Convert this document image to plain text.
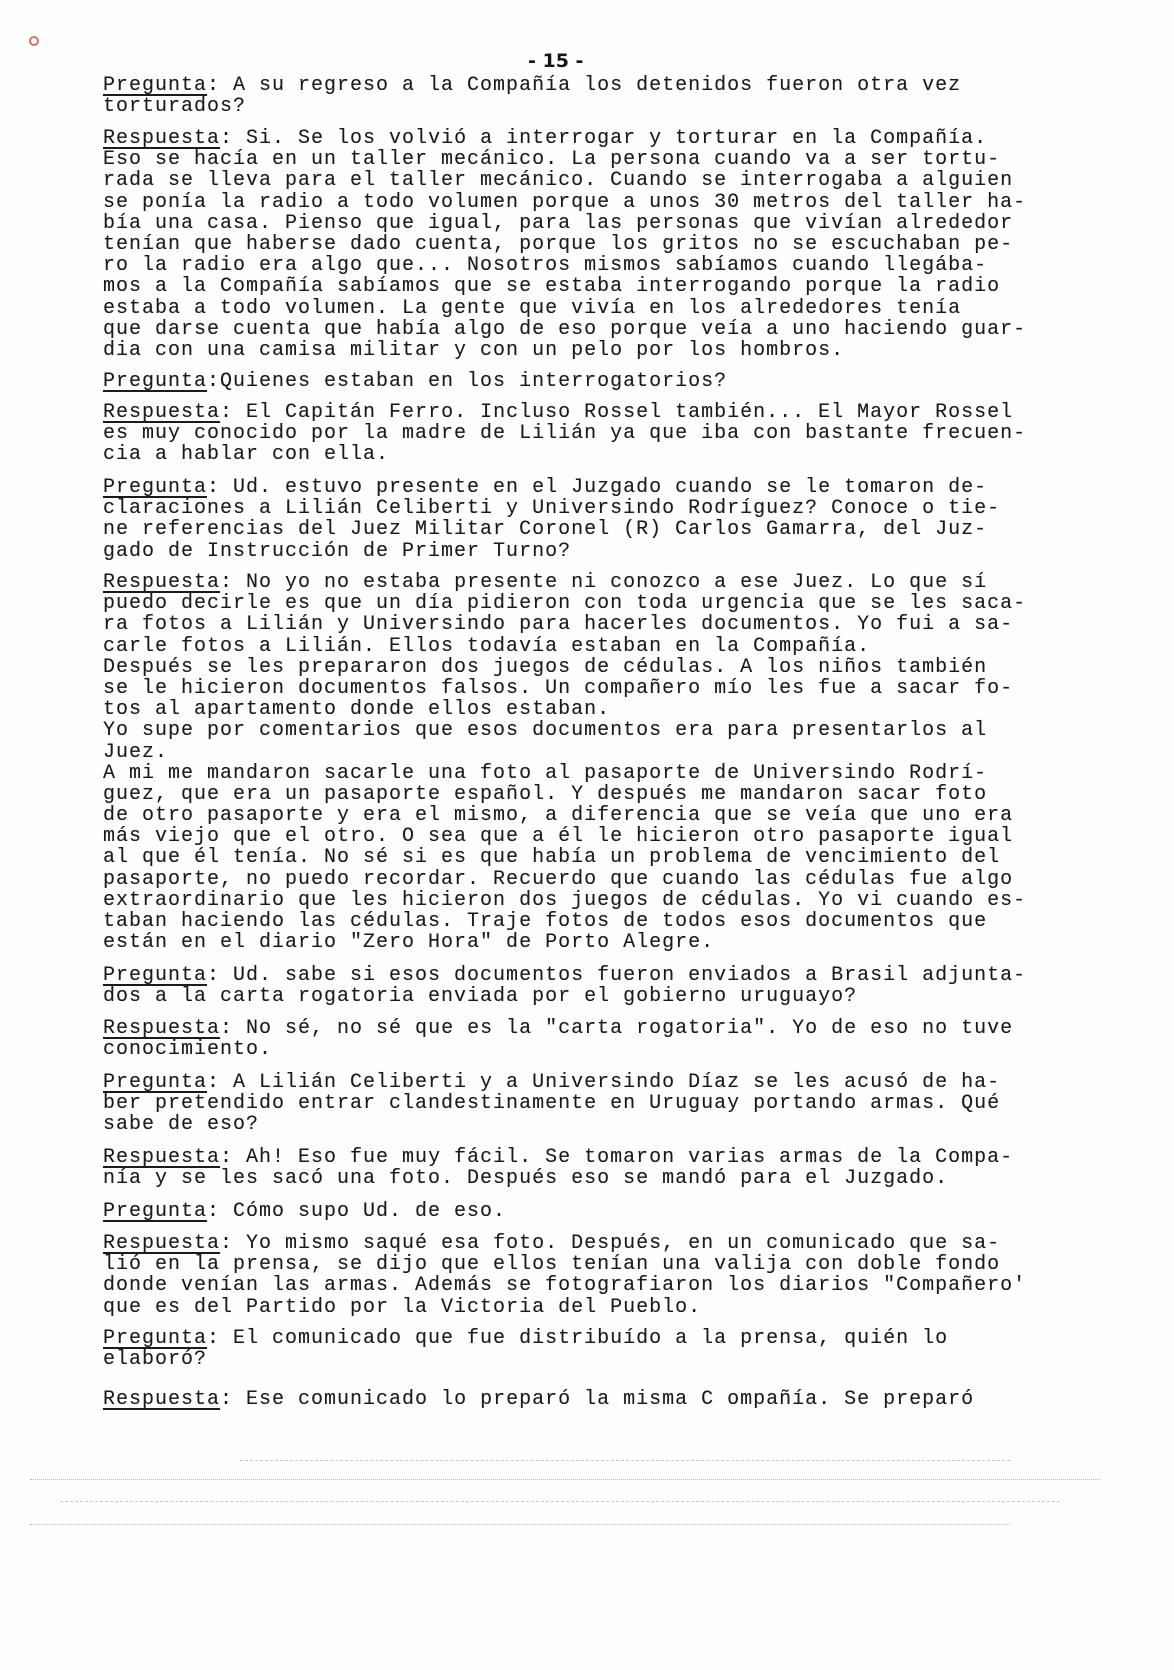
- 15 -
Pregunta: A su regreso a la Compañía los detenidos fueron otra vez
torturados?
Respuesta: Si. Se los volvió a interrogar y torturar en la Compañía.
Eso se hacía en un taller mecánico. La persona cuando va a ser tortu-
rada se lleva para el taller mecánico. Cuando se interrogaba a alguien
se ponía la radio a todo volumen porque a unos 30 metros del taller ha-
bía una casa. Pienso que igual, para las personas que vivían alrededor
tenían que haberse dado cuenta, porque los gritos no se escuchaban pe-
ro la radio era algo que... Nosotros mismos sabíamos cuando llegába-
mos a la Compañía sabíamos que se estaba interrogando porque la radio
estaba a todo volumen. La gente que vivía en los alrededores tenía
que darse cuenta que había algo de eso porque veía a uno haciendo guar-
dia con una camisa militar y con un pelo por los hombros.
Pregunta:Quienes estaban en los interrogatorios?
Respuesta: El Capitán Ferro. Incluso Rossel también... El Mayor Rossel
es muy conocido por la madre de Lilián ya que iba con bastante frecuen-
cia a hablar con ella.
Pregunta: Ud. estuvo presente en el Juzgado cuando se le tomaron de-
claraciones a Lilián Celiberti y Universindo Rodríguez? Conoce o tie-
ne referencias del Juez Militar Coronel (R) Carlos Gamarra, del Juz-
gado de Instrucción de Primer Turno?
Respuesta: No yo no estaba presente ni conozco a ese Juez. Lo que sí
puedo decirle es que un día pidieron con toda urgencia que se les saca-
ra fotos a Lilián y Universindo para hacerles documentos. Yo fui a sa-
carle fotos a Lilián. Ellos todavía estaban en la Compañía.
Después se les prepararon dos juegos de cédulas. A los niños también
se le hicieron documentos falsos. Un compañero mío les fue a sacar fo-
tos al apartamento donde ellos estaban.
Yo supe por comentarios que esos documentos era para presentarlos al
Juez.
A mi me mandaron sacarle una foto al pasaporte de Universindo Rodrí-
guez, que era un pasaporte español. Y después me mandaron sacar foto
de otro pasaporte y era el mismo, a diferencia que se veía que uno era
más viejo que el otro. O sea que a él le hicieron otro pasaporte igual
al que él tenía. No sé si es que había un problema de vencimiento del
pasaporte, no puedo recordar. Recuerdo que cuando las cédulas fue algo
extraordinario que les hicieron dos juegos de cédulas. Yo vi cuando es-
taban haciendo las cédulas. Traje fotos de todos esos documentos que
están en el diario "Zero Hora" de Porto Alegre.
Pregunta: Ud. sabe si esos documentos fueron enviados a Brasil adjunta-
dos a la carta rogatoria enviada por el gobierno uruguayo?
Respuesta: No sé, no sé que es la "carta rogatoria". Yo de eso no tuve
conocimiento.
Pregunta: A Lilián Celiberti y a Universindo Díaz se les acusó de ha-
ber pretendido entrar clandestinamente en Uruguay portando armas. Qué
sabe de eso?
Respuesta: Ah! Eso fue muy fácil. Se tomaron varias armas de la Compa-
nía y se les sacó una foto. Después eso se mandó para el Juzgado.
Pregunta: Cómo supo Ud. de eso.
Respuesta: Yo mismo saqué esa foto. Después, en un comunicado que sa-
lió en la prensa, se dijo que ellos tenían una valija con doble fondo
donde venían las armas. Además se fotografiaron los diarios "Compañero'
que es del Partido por la Victoria del Pueblo.
Pregunta: El comunicado que fue distribuído a la prensa, quién lo
elaboró?
Respuesta: Ese comunicado lo preparó la misma C ompañía. Se preparó
